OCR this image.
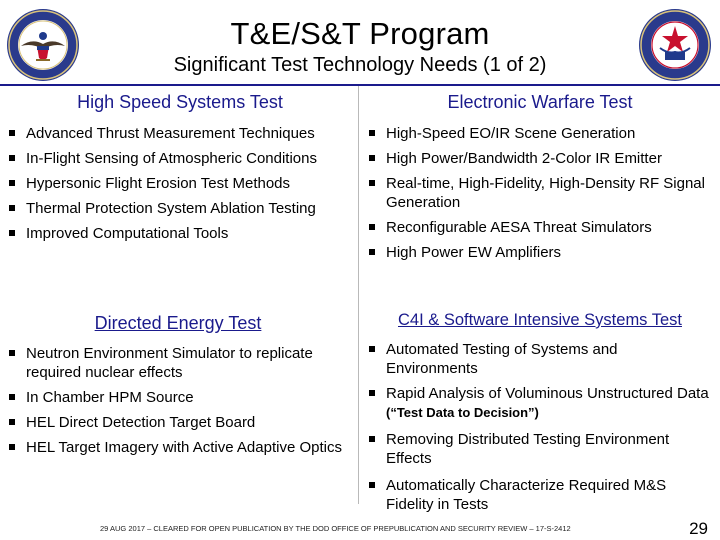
T&E/S&T Program
Significant Test Technology Needs (1 of 2)
High Speed Systems Test
Advanced Thrust Measurement Techniques
In-Flight Sensing of Atmospheric Conditions
Hypersonic Flight Erosion Test Methods
Thermal Protection System Ablation Testing
Improved Computational Tools
Electronic Warfare Test
High-Speed EO/IR Scene Generation
High Power/Bandwidth 2-Color IR Emitter
Real-time, High-Fidelity, High-Density RF Signal Generation
Reconfigurable AESA Threat Simulators
High Power EW Amplifiers
Directed Energy Test
Neutron Environment Simulator to replicate required nuclear effects
In Chamber HPM Source
HEL Direct Detection Target Board
HEL Target Imagery with Active Adaptive Optics
C4I & Software Intensive Systems Test
Automated Testing of Systems and Environments
Rapid Analysis of Voluminous Unstructured Data (“Test Data to Decision”)
Removing Distributed Testing Environment Effects
Automatically Characterize Required M&S Fidelity in Tests
29 AUG 2017 – CLEARED FOR OPEN PUBLICATION BY THE DOD OFFICE OF PREPUBLICATION AND SECURITY REVIEW – 17-S-2412	29
